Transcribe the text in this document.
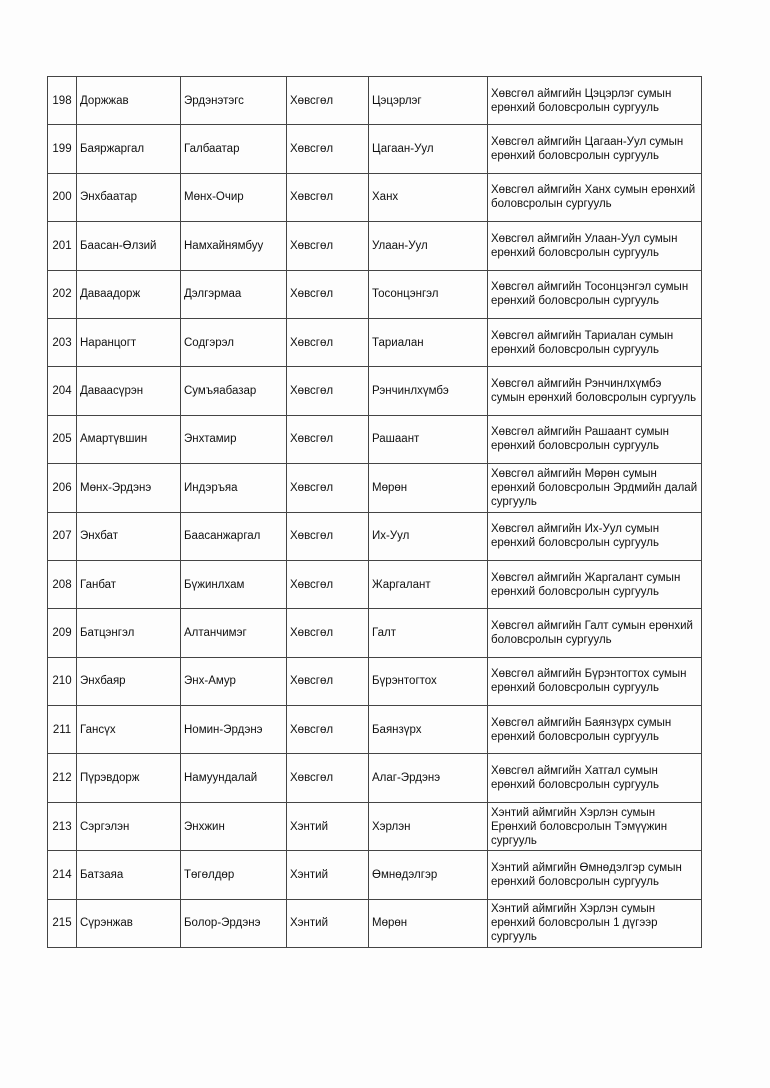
198	Доржжав	Эрдэнэтэгс	Хөвсгөл	Цэцэрлэг	Хөвсгөл аймгийн Цэцэрлэг сумын ерөнхий боловсролын сургууль
199	Баяржаргал	Галбаатар	Хөвсгөл	Цагаан-Уул	Хөвсгөл аймгийн Цагаан-Уул сумын ерөнхий боловсролын сургууль
200	Энхбаатар	Мөнх-Очир	Хөвсгөл	Ханх	Хөвсгөл аймгийн Ханх сумын ерөнхий боловсролын сургууль
201	Баасан-Өлзий	Намхайнямбуу	Хөвсгөл	Улаан-Уул	Хөвсгөл аймгийн Улаан-Уул сумын ерөнхий боловсролын сургууль
202	Даваадорж	Дэлгэрмаа	Хөвсгөл	Тосонцэнгэл	Хөвсгөл аймгийн Тосонцэнгэл сумын ерөнхий боловсролын сургууль
203	Наранцогт	Содгэрэл	Хөвсгөл	Тариалан	Хөвсгөл аймгийн Тариалан сумын ерөнхий боловсролын сургууль
204	Даваасүрэн	Сумъяабазар	Хөвсгөл	Рэнчинлхүмбэ	Хөвсгөл аймгийн Рэнчинлхүмбэ сумын ерөнхий боловсролын сургууль
205	Амартүвшин	Энхтамир	Хөвсгөл	Рашаант	Хөвсгөл аймгийн Рашаант сумын ерөнхий боловсролын сургууль
206	Мөнх-Эрдэнэ	Индэръяа	Хөвсгөл	Мөрөн	Хөвсгөл аймгийн Мөрөн сумын ерөнхий боловсролын Эрдмийн далай сургууль
207	Энхбат	Баасанжаргал	Хөвсгөл	Их-Уул	Хөвсгөл аймгийн Их-Уул сумын ерөнхий боловсролын сургууль
208	Ганбат	Бүжинлхам	Хөвсгөл	Жаргалант	Хөвсгөл аймгийн Жаргалант сумын ерөнхий боловсролын сургууль
209	Батцэнгэл	Алтанчимэг	Хөвсгөл	Галт	Хөвсгөл аймгийн Галт сумын ерөнхий боловсролын сургууль
210	Энхбаяр	Энх-Амур	Хөвсгөл	Бүрэнтогтох	Хөвсгөл аймгийн Бүрэнтогтох сумын ерөнхий боловсролын сургууль
211	Гансүх	Номин-Эрдэнэ	Хөвсгөл	Баянзүрх	Хөвсгөл аймгийн Баянзүрх сумын ерөнхий боловсролын сургууль
212	Пүрэвдорж	Намуундалай	Хөвсгөл	Алаг-Эрдэнэ	Хөвсгөл аймгийн Хатгал сумын ерөнхий боловсролын сургууль
213	Сэргэлэн	Энхжин	Хэнтий	Хэрлэн	Хэнтий аймгийн Хэрлэн сумын Ерөнхий боловсролын Тэмүүжин сургууль
214	Батзаяа	Төгөлдөр	Хэнтий	Өмнөдэлгэр	Хэнтий аймгийн Өмнөдэлгэр сумын ерөнхий боловсролын сургууль
215	Сүрэнжав	Болор-Эрдэнэ	Хэнтий	Мөрөн	Хэнтий аймгийн Хэрлэн сумын ерөнхий боловсролын 1 дүгээр сургууль
